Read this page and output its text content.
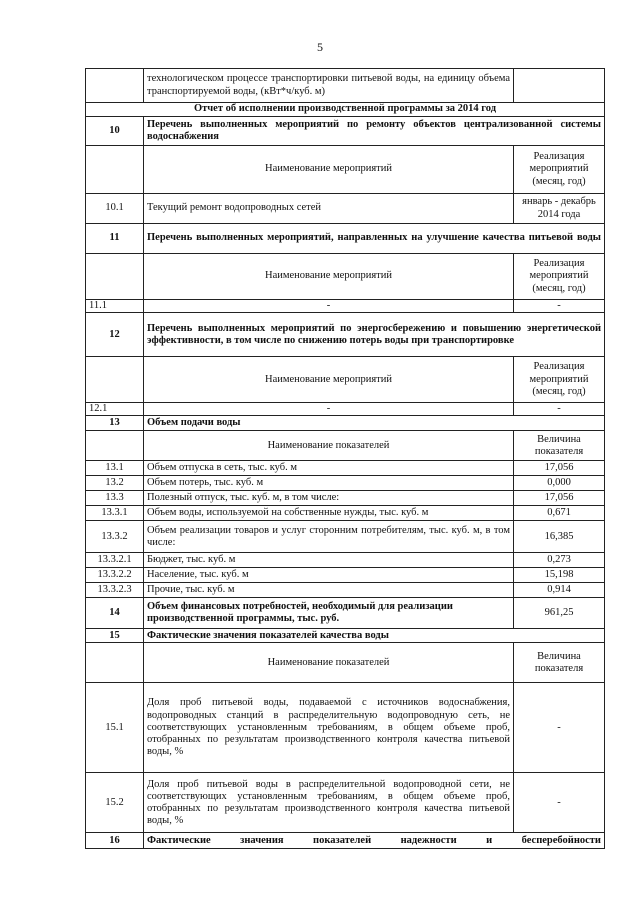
5
	технологическом процессе транспортировки питьевой воды, на единицу объема транспортируемой воды, (кВт*ч/куб. м)	
Отчет об исполнении производственной программы за 2014 год		
10	Перечень выполненных мероприятий по ремонту объектов централизованной системы водоснабжения	
	Наименование мероприятий	Реализация мероприятий (месяц, год)
10.1	Текущий ремонт водопроводных сетей	январь - декабрь 2014 года
11	Перечень выполненных мероприятий, направленных на улучшение качества питьевой воды	
	Наименование мероприятий	Реализация мероприятий (месяц, год)
11.1	-	-
12	Перечень выполненных мероприятий по энергосбережению и повышению энергетической эффективности, в том числе по снижению потерь воды при транспортировке	
	Наименование мероприятий	Реализация мероприятий (месяц, год)
12.1	-	-
13	Объем подачи воды	
	Наименование показателей	Величина показателя
13.1	Объем отпуска в сеть, тыс. куб. м	17,056
13.2	Объем потерь, тыс. куб. м	0,000
13.3	Полезный отпуск, тыс. куб. м, в том числе:	17,056
13.3.1	Объем воды, используемой на собственные нужды, тыс. куб. м	0,671
13.3.2	Объем реализации товаров и услуг сторонним потребителям, тыс. куб. м, в том числе:	16,385
13.3.2.1	Бюджет, тыс. куб. м	0,273
13.3.2.2	Население, тыс. куб. м	15,198
13.3.2.3	Прочие, тыс. куб. м	0,914
14	Объем финансовых потребностей, необходимый для реализации производственной программы, тыс. руб.	961,25
15	Фактические значения показателей качества воды	
	Наименование показателей	Величина показателя
15.1	Доля проб питьевой воды, подаваемой с источников водоснабжения, водопроводных станций в распределительную водопроводную сеть, не соответствующих установленным требованиям, в общем объеме проб, отобранных по результатам производственного контроля качества питьевой воды, %	-
15.2	Доля проб питьевой воды в распределительной водопроводной сети, не соответствующих установленным требованиям, в общем объеме проб, отобранных по результатам производственного контроля качества питьевой воды, %	-
16	Фактические значения показателей надежности и бесперебойности	
